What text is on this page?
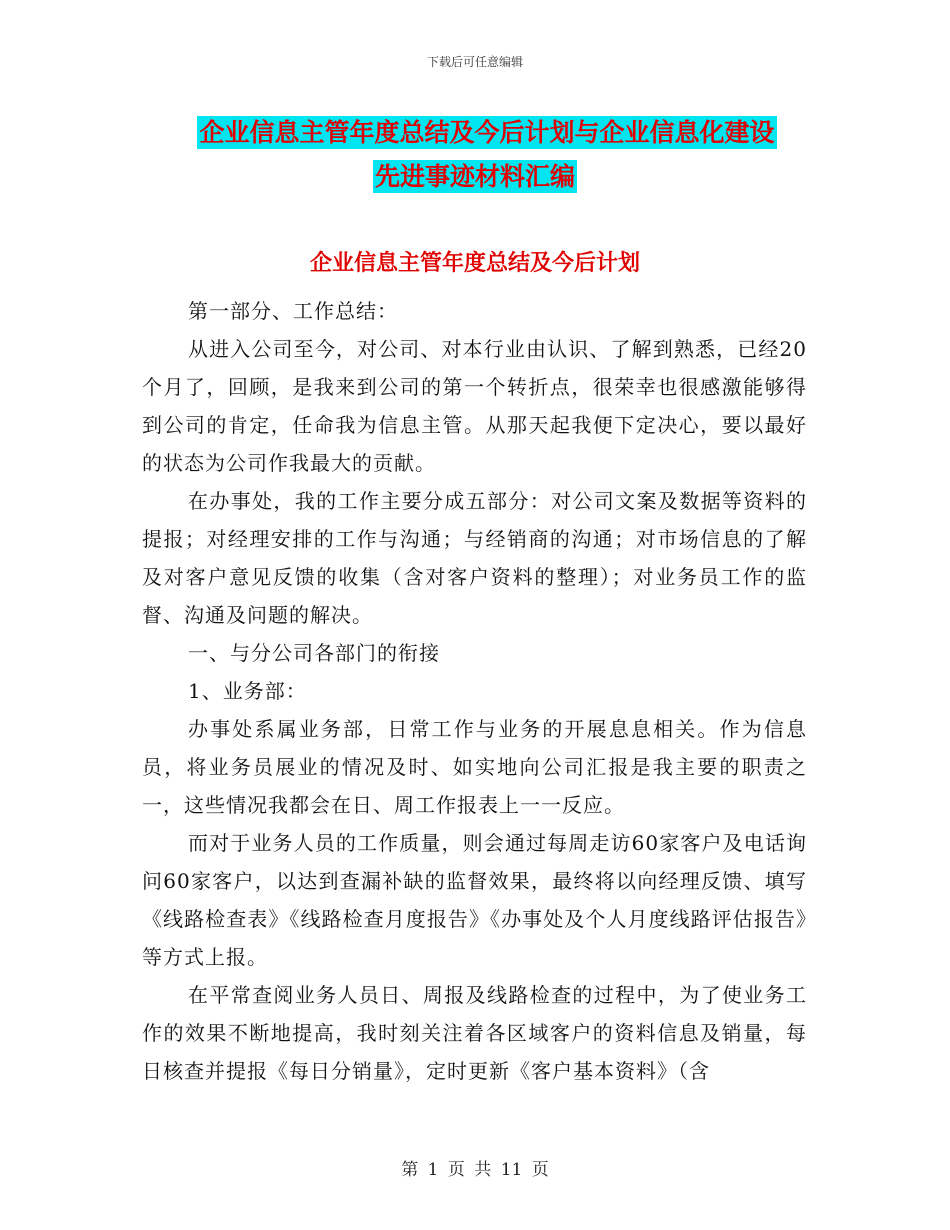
下载后可任意编辑
企业信息主管年度总结及今后计划与企业信息化建设
先进事迹材料汇编
企业信息主管年度总结及今后计划

第一部分、工作总结：

从进入公司至今，对公司、对本行业由认识、了解到熟悉，已经20个月了，回顾，是我来到公司的第一个转折点，很荣幸也很感激能够得到公司的肯定，任命我为信息主管。从那天起我便下定决心，要以最好的状态为公司作我最大的贡献。

在办事处，我的工作主要分成五部分：对公司文案及数据等资料的提报；对经理安排的工作与沟通；与经销商的沟通；对市场信息的了解及对客户意见反馈的收集（含对客户资料的整理）；对业务员工作的监督、沟通及问题的解决。

一、与分公司各部门的衔接

1、业务部：

办事处系属业务部，日常工作与业务的开展息息相关。作为信息员，将业务员展业的情况及时、如实地向公司汇报是我主要的职责之一，这些情况我都会在日、周工作报表上一一反应。

而对于业务人员的工作质量，则会通过每周走访60家客户及电话询问60家客户，以达到查漏补缺的监督效果，最终将以向经理反馈、填写《线路检查表》《线路检查月度报告》《办事处及个人月度线路评估报告》等方式上报。

在平常查阅业务人员日、周报及线路检查的过程中，为了使业务工作的效果不断地提高，我时刻关注着各区域客户的资料信息及销量，每日核查并提报《每日分销量》，定时更新《客户基本资料》（含

第 1 页 共 11 页
